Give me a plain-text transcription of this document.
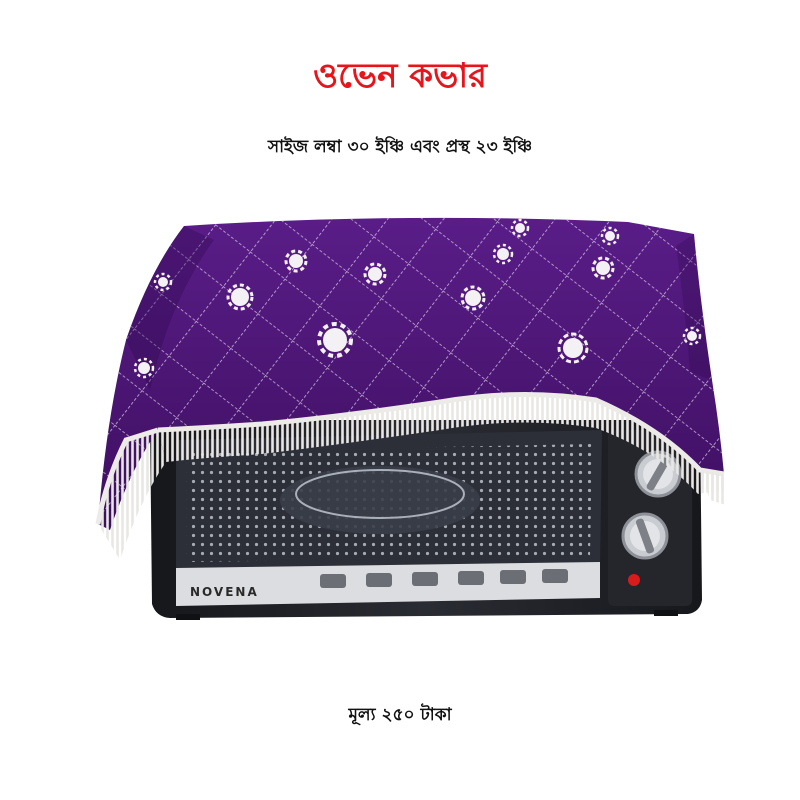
ওভেন কভার
সাইজ লম্বা ৩০ ইঞ্চি এবং প্রস্থ ২৩ ইঞ্চি
NOVENA
মূল্য ২৫০ টাকা
